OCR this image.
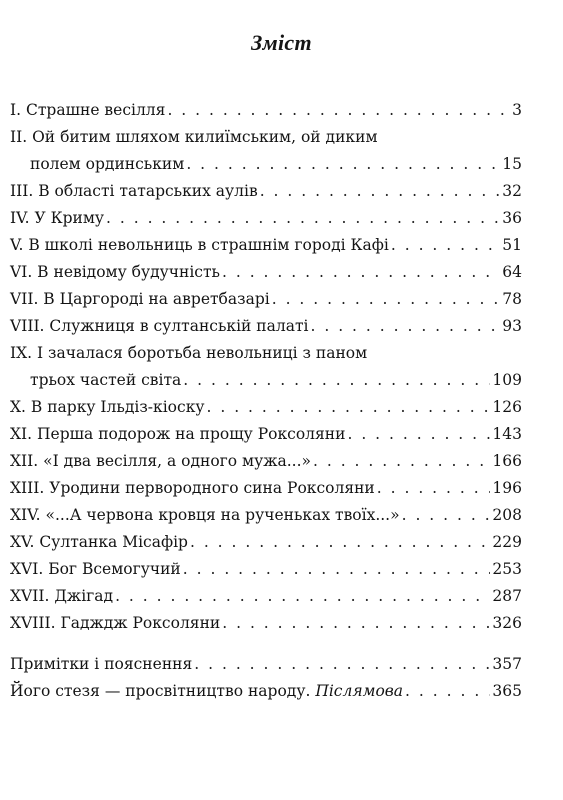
Зміст
I. Страшне весілля . . .	3
II. Ой битим шляхом килиїмським, ой диким
полем ординським . . .	15
III. В області татарських аулів . . .	32
IV. У Криму . . .	36
V. В школі невольниць в страшнім городі Кафі . . .	51
VI. В невідому будучність . . .	64
VII. В Царгороді на авретбазарі . . .	78
VIII. Служниця в султанській палаті . . .	93
IX. І зачалася боротьба невольниці з паном
трьох частей світа . . .	109
X. В парку Ільдіз-кіоску . . .	126
XI. Перша подорож на прощу Роксоляни . . .	143
XII. «І два весілля, а одного мужа...» . . .	166
XIII. Уродини первородного сина Роксоляни . . .	196
XIV. «...А червона кровця на рученьках твоїх...» . . .	208
XV. Султанка Місафір . . .	229
XVI. Бог Всемогучий . . .	253
XVII. Джігад . . .	287
XVIII. Гадждж Роксоляни . . .	326
Примітки і пояснення . . .	357
Його стезя — просвітництво народу. Післямова . . .	365
